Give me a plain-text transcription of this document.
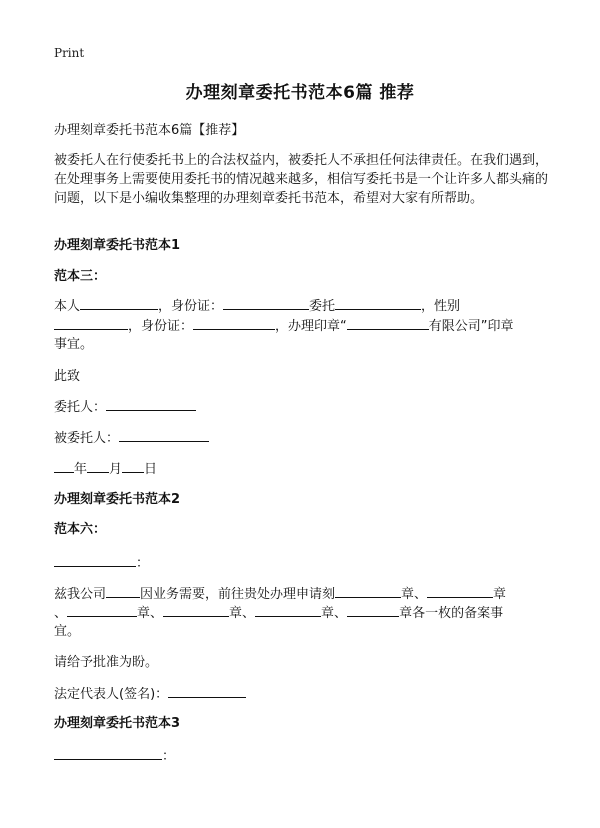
Print
办理刻章委托书范本6篇 推荐

办理刻章委托书范本6篇【推荐】

被委托人在行使委托书上的合法权益内，被委托人不承担任何法律责任。在我们遇到，在处理事务上需要使用委托书的情况越来越多，相信写委托书是一个让许多人都头痛的问题，以下是小编收集整理的办理刻章委托书范本，希望对大家有所帮助。

办理刻章委托书范本1

范本三：

本人	，身份证：	委托	，性别

，身份证：	，办理印章“	有限公司”印章

事宜。

此致

委托人：

被委托人：

年 月 日

办理刻章委托书范本2

范本六：

：

兹我公司	因业务需要，前往贵处办理申请刻	章、	章

、	章、	章、	章、	章各一枚的备案事

宜。

请给予批准为盼。

法定代表人(签名)：

办理刻章委托书范本3

：
